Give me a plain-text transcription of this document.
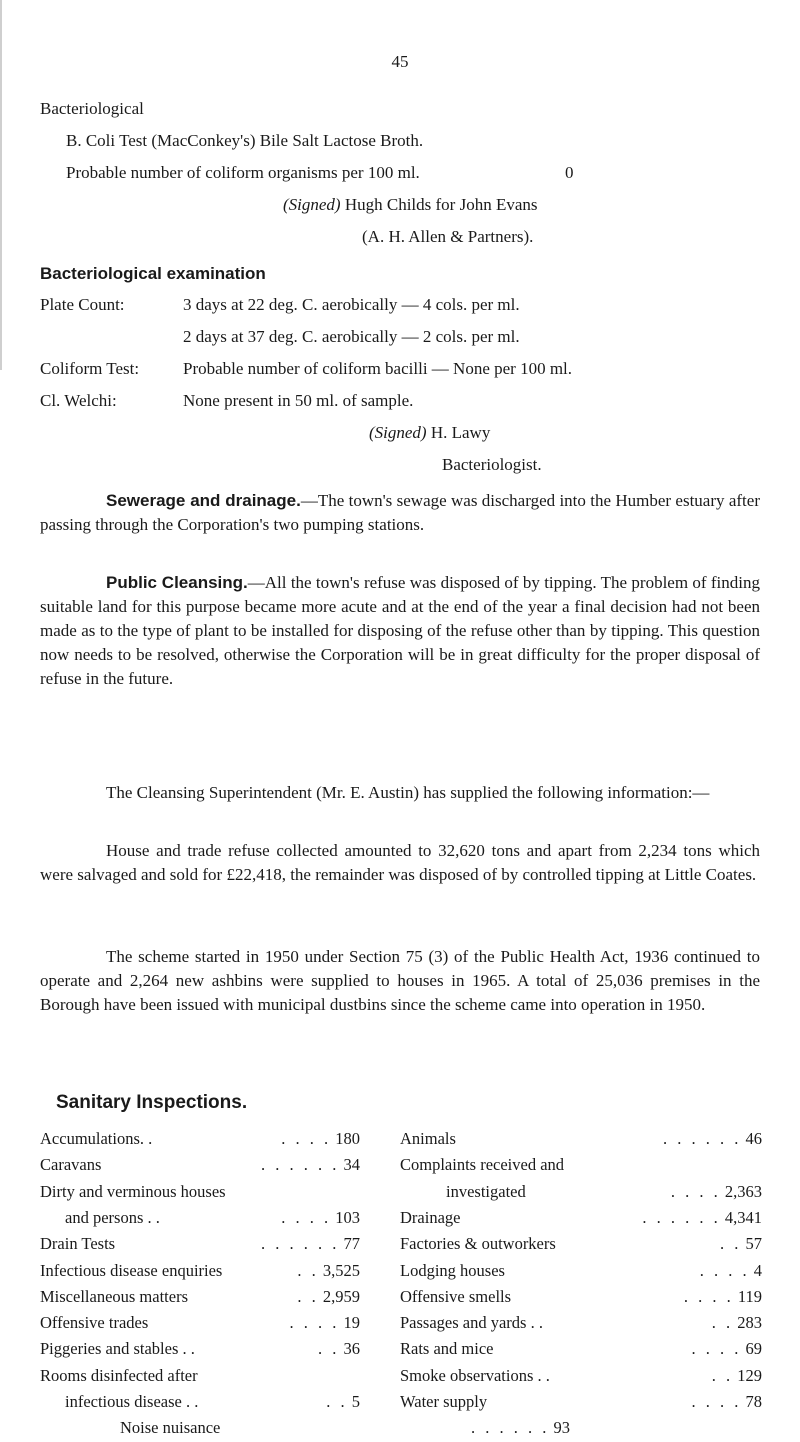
45
Bacteriological
B. Coli Test (MacConkey's) Bile Salt Lactose Broth.
Probable number of coliform organisms per 100 ml.	0
(Signed) Hugh Childs for John Evans
(A. H. Allen & Partners).
Bacteriological examination
Plate Count:	3 days at 22 deg. C. aerobically — 4 cols. per ml.
2 days at 37 deg. C. aerobically — 2 cols. per ml.
Coliform Test:	Probable number of coliform bacilli — None per 100 ml.
Cl. Welchi:	None present in 50 ml. of sample.
(Signed) H. Lawy
Bacteriologist.

Sewerage and drainage.—The town's sewage was discharged into the Humber estuary after passing through the Corporation's two pumping stations.

Public Cleansing.—All the town's refuse was disposed of by tipping. The problem of finding suitable land for this purpose became more acute and at the end of the year a final decision had not been made as to the type of plant to be installed for disposing of the refuse other than by tipping. This question now needs to be resolved, otherwise the Corporation will be in great difficulty for the proper disposal of refuse in the future.

The Cleansing Superintendent (Mr. E. Austin) has supplied the following information:—

House and trade refuse collected amounted to 32,620 tons and apart from 2,234 tons which were salvaged and sold for £22,418, the remainder was disposed of by controlled tipping at Little Coates.

The scheme started in 1950 under Section 75 (3) of the Public Health Act, 1936 continued to operate and 2,264 new ashbins were supplied to houses in 1965. A total of 25,036 premises in the Borough have been issued with municipal dustbins since the scheme came into operation in 1950.

Sanitary Inspections.
Accumulations. .	. . . . 180
Caravans	. . . . . . 34
Dirty and verminous houses
and persons . .	. . . . 103
Drain Tests	. . . . . . 77
Infectious disease enquiries	. . 3,525
Miscellaneous matters	. . 2,959
Offensive trades	. . . . 19
Piggeries and stables . .	. . 36
Rooms disinfected after
infectious disease . .	. . 5
Animals	. . . . . . 46
Complaints received and
investigated	. . . . 2,363
Drainage	. . . . . . 4,341
Factories & outworkers	. . 57
Lodging houses	. . . . 4
Offensive smells	. . . . 119
Passages and yards . .	. . 283
Rats and mice	. . . . 69
Smoke observations . .	. . 129
Water supply	. . . . 78
Noise nuisance	. . . . . . 93
